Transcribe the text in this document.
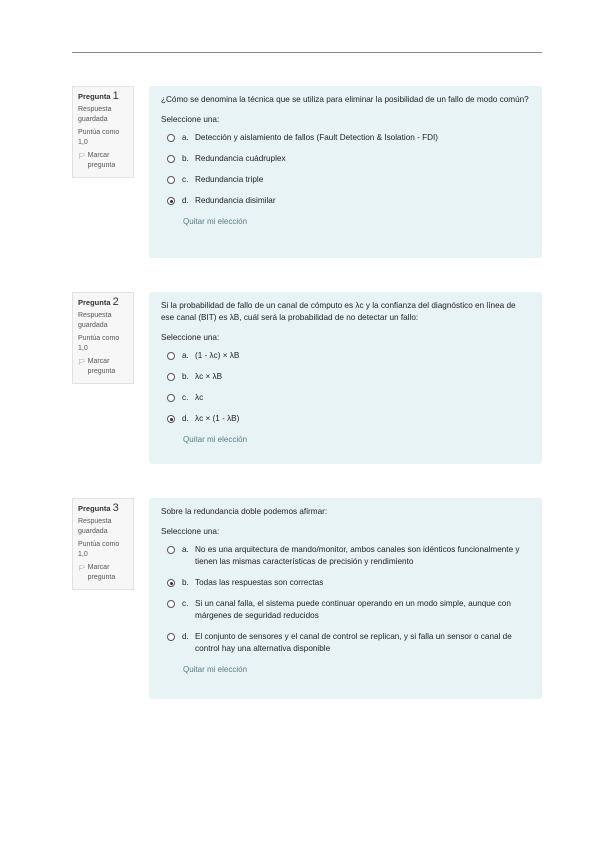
Pregunta 1
Respuesta guardada
Puntúa como 1,0
🏳 Marcar pregunta

¿Cómo se denomina la técnica que se utiliza para eliminar la posibilidad de un fallo de modo común?

Seleccione una:

a. Detección y aislamiento de fallos (Fault Detection & Isolation - FDI)
b. Redundancia cuádruplex
c. Redundancia triple
d. Redundancia disimilar
Quitar mi elección
Pregunta 2
Respuesta guardada
Puntúa como 1,0
🏳 Marcar pregunta

Si la probabilidad de fallo de un canal de cómputo es λc y la confianza del diagnóstico en línea de ese canal (BIT) es λB, cuál será la probabilidad de no detectar un fallo:

Seleccione una:

a. (1 - λc) × λB
b. λc × λB
c. λc
d. λc × (1 - λB)
Quitar mi elección
Pregunta 3
Respuesta guardada
Puntúa como 1,0
🏳 Marcar pregunta

Sobre la redundancia doble podemos afirmar:

Seleccione una:

a. No es una arquitectura de mando/monitor, ambos canales son idénticos funcionalmente y tienen las mismas características de precisión y rendimiento
b. Todas las respuestas son correctas
c. Si un canal falla, el sistema puede continuar operando en un modo simple, aunque con márgenes de seguridad reducidos
d. El conjunto de sensores y el canal de control se replican, y si falla un sensor o canal de control hay una alternativa disponible
Quitar mi elección
